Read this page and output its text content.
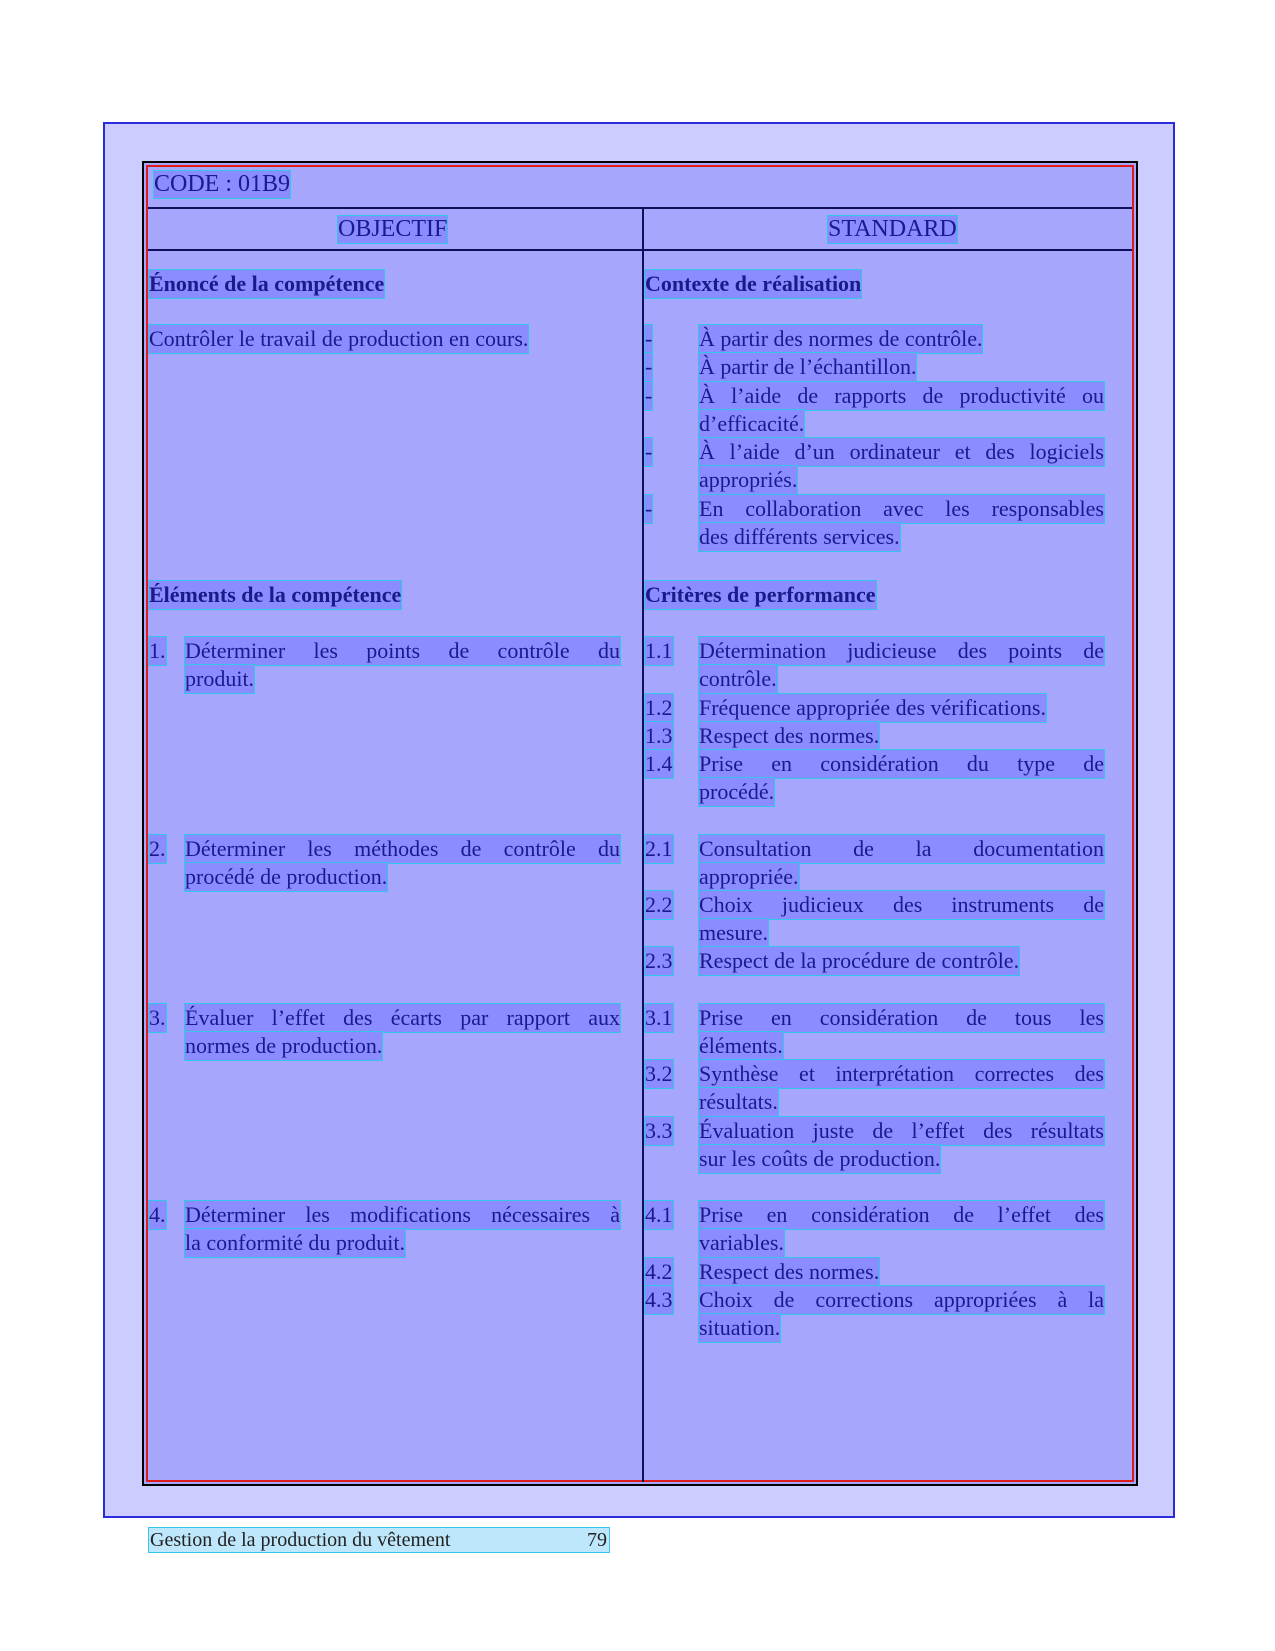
CODE : 01B9
OBJECTIF	STANDARD
Énoncé de la compétence
Contrôler le travail de production en cours.
Éléments de la compétence
1. Déterminer les points de contrôle du
produit.
2. Déterminer les méthodes de contrôle du
procédé de production.
3. Évaluer l’effet des écarts par rapport aux
normes de production.
4. Déterminer les modifications nécessaires à
la conformité du produit.
Contexte de réalisation
- À partir des normes de contrôle.
- À partir de l’échantillon.
- À l’aide de rapports de productivité ou
d’efficacité.
- À l’aide d’un ordinateur et des logiciels
appropriés.
- En collaboration avec les responsables
des différents services.
Critères de performance
1.1 Détermination judicieuse des points de
contrôle.
1.2 Fréquence appropriée des vérifications.
1.3 Respect des normes.
1.4 Prise en considération du type de
procédé.
2.1 Consultation de la documentation
appropriée.
2.2 Choix judicieux des instruments de
mesure.
2.3 Respect de la procédure de contrôle.
3.1 Prise en considération de tous les
éléments.
3.2 Synthèse et interprétation correctes des
résultats.
3.3 Évaluation juste de l’effet des résultats
sur les coûts de production.
4.1 Prise en considération de l’effet des
variables.
4.2 Respect des normes.
4.3 Choix de corrections appropriées à la
situation.
Gestion de la production du vêtement	79
